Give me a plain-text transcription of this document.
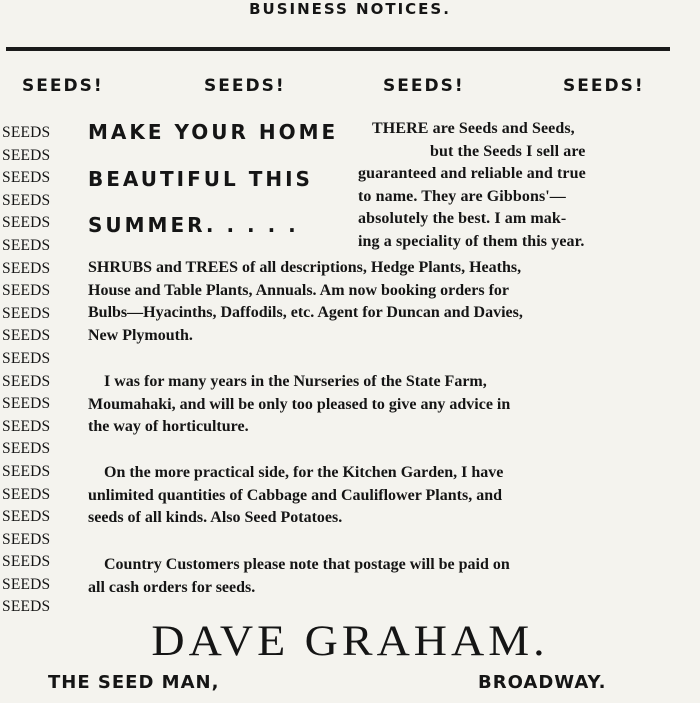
BUSINESS NOTICES.
SEEDS!	SEEDS!	SEEDS!	SEEDS!
SEEDS
SEEDS
SEEDS
SEEDS
SEEDS
SEEDS
SEEDS
SEEDS
SEEDS
SEEDS
SEEDS
SEEDS
SEEDS
SEEDS
SEEDS
SEEDS
SEEDS
SEEDS
SEEDS
SEEDS
SEEDS
SEEDS
MAKE YOUR HOME
BEAUTIFUL THIS
SUMMER. . . . .
THERE are Seeds and Seeds,
but the Seeds I sell are
guaranteed and reliable and true
to name. They are Gibbons'—
absolutely the best. I am mak-
ing a speciality of them this year.
SHRUBS and TREES of all descriptions, Hedge Plants, Heaths,
House and Table Plants, Annuals. Am now booking orders for
Bulbs—Hyacinths, Daffodils, etc. Agent for Duncan and Davies,
New Plymouth.
I was for many years in the Nurseries of the State Farm,
Moumahaki, and will be only too pleased to give any advice in
the way of horticulture.
On the more practical side, for the Kitchen Garden, I have
unlimited quantities of Cabbage and Cauliflower Plants, and
seeds of all kinds. Also Seed Potatoes.
Country Customers please note that postage will be paid on
all cash orders for seeds.
DAVE GRAHAM.
THE SEED MAN,	BROADWAY.
